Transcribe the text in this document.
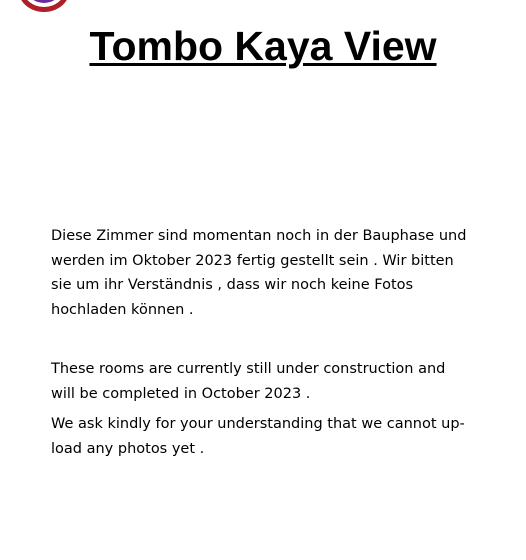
Tombo Kaya View

Diese Zimmer sind momentan noch in der Bauphase und werden im Oktober 2023 fertig gestellt sein . Wir bitten sie um ihr Verständnis , dass wir noch keine Fotos hochladen können .

These rooms are currently still under construction and will be completed in October 2023 .

We ask kindly for your understanding that we cannot up-load any photos yet .
